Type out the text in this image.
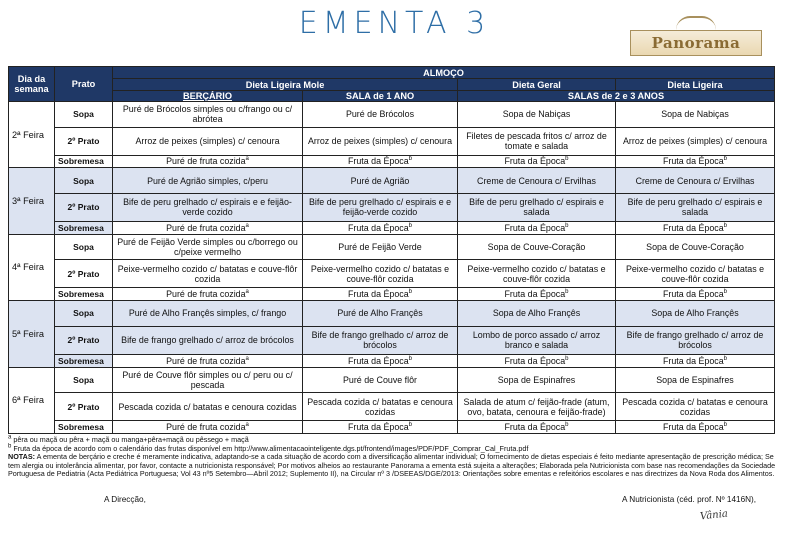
EMENTA 3
Panorama
Dia da semana	Prato	ALMOÇO			
		Dieta Ligeira Mole		Dieta Geral	Dieta Ligeira
		BERÇÁRIO	SALA de 1 ANO	SALAS de 2 e 3 ANOS	
2ª Feira	Sopa	Puré de Brócolos simples ou c/frango ou c/ abrótea	Puré de Brócolos	Sopa de Nabiças	Sopa de Nabiças
	2º Prato	Arroz de peixes (simples) c/ cenoura	Arroz de peixes (simples) c/ cenoura	Filetes de pescada fritos c/ arroz de tomate e salada	Arroz de peixes (simples) c/ cenoura
	Sobremesa	Puré de fruta cozida$^a$	Fruta da Época$^b$	Fruta da Época$^b$	Fruta da Época$^b$
3ª Feira	Sopa	Puré de Agrião simples, c/peru	Puré de Agrião	Creme de Cenoura c/ Ervilhas	Creme de Cenoura c/ Ervilhas
	2º Prato	Bife de peru grelhado c/ espirais e e feijão-verde cozido	Bife de peru grelhado c/ espirais e e feijão-verde cozido	Bife de peru grelhado c/ espirais e salada	Bife de peru grelhado c/ espirais e salada
	Sobremesa	Puré de fruta cozida$^a$	Fruta da Época$^b$	Fruta da Época$^b$	Fruta da Época$^b$
4ª Feira	Sopa	Puré de Feijão Verde simples ou c/borrego ou c/peixe vermelho	Puré de Feijão Verde	Sopa de Couve-Coração	Sopa de Couve-Coração
	2º Prato	Peixe-vermelho cozido c/ batatas e couve-flôr cozida	Peixe-vermelho cozido c/ batatas e couve-flôr cozida	Peixe-vermelho cozido c/ batatas e couve-flôr cozida	Peixe-vermelho cozido c/ batatas e couve-flôr cozida
	Sobremesa	Puré de fruta cozida$^a$	Fruta da Época$^b$	Fruta da Época$^b$	Fruta da Época$^b$
5ª Feira	Sopa	Puré de Alho Françês simples, c/ frango	Puré de Alho Françês	Sopa de Alho Françês	Sopa de Alho Françês
	2º Prato	Bife de frango grelhado c/ arroz de brócolos	Bife de frango grelhado c/ arroz de brócolos	Lombo de porco assado c/ arroz branco e salada	Bife de frango grelhado c/ arroz de brócolos
	Sobremesa	Puré de fruta cozida$^a$	Fruta da Época$^b$	Fruta da Época$^b$	Fruta da Época$^b$
6ª Feira	Sopa	Puré de Couve flôr simples ou c/ peru ou c/ pescada	Puré de Couve flôr	Sopa de Espinafres	Sopa de Espinafres
	2º Prato	Pescada cozida c/ batatas e cenoura cozidas	Pescada cozida c/ batatas e cenoura cozidas	Salada de atum c/ feijão-frade (atum, ovo, batata, cenoura e feijão-frade)	Pescada cozida c/ batatas e cenoura cozidas
	Sobremesa	Puré de fruta cozida$^a$	Fruta da Época$^b$	Fruta da Época$^b$	Fruta da Época$^b$
$^a$ pêra ou maçã ou pêra + maçã ou manga+pêra+maçã ou pêssego + maçã
$^b$ Fruta da época de acordo com o calendário das frutas disponível em http://www.alimentacaointeligente.dgs.pt/frontend/images/PDF/PDF_Comprar_Cal_Fruta.pdf
NOTAS: A ementa de berçário e creche é meramente indicativa, adaptando-se a cada situação de acordo com a diversificação alimentar individual; O fornecimento de dietas especiais é feito mediante apresentação de prescrição médica; Se tem alergia ou intolerância alimentar, por favor, contacte a nutricionista responsável; Por motivos alheios ao restaurante Panorama a ementa está sujeita a alterações; Elaborada pela Nutricionista com base nas recomendações da Sociedade Portuguesa de Pediatria (Acta Pediátrica Portuguesa; Vol 43 nº5 Setembro—Abril 2012; Suplemento II), na Circular nº 3 /DSEEAS/DGE/2013: Orientações sobre ementas e refeitórios escolares e nas directrizes da Nova Roda dos Alimentos.
A Direcção,	A Nutricionista (céd. prof. Nº 1416N),
Vânia
